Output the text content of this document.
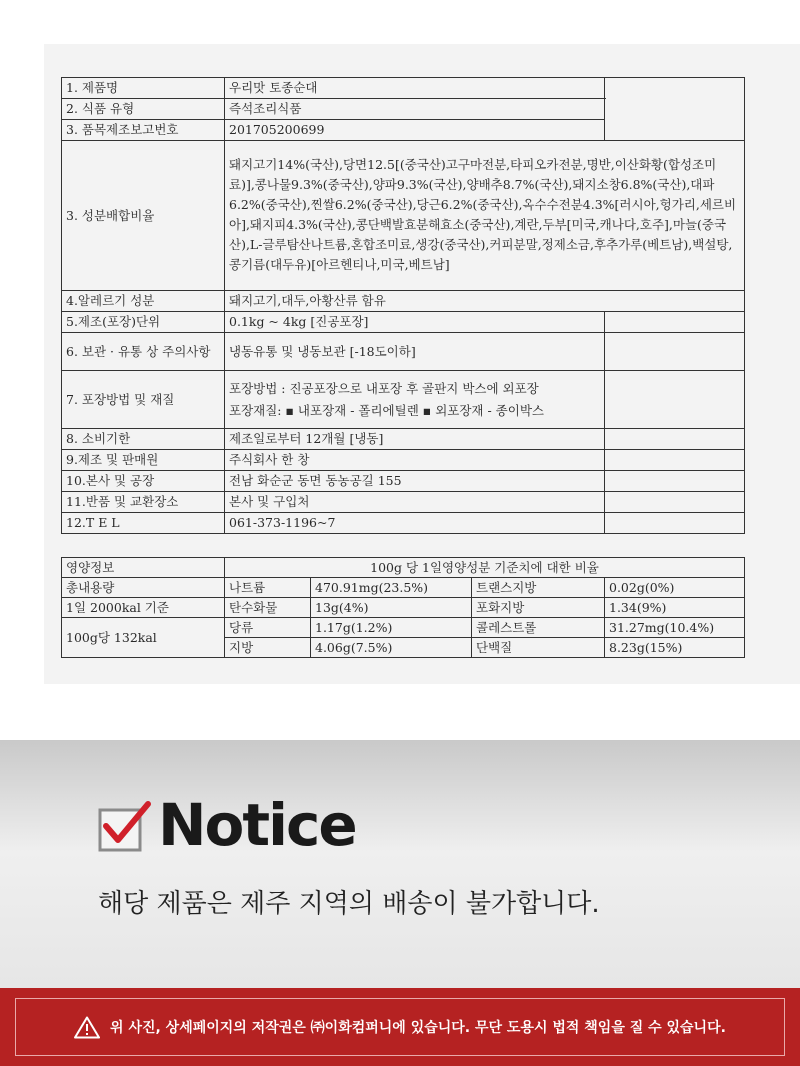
1. 제품명	우리맛 토종순대	
2. 식품 유형	즉석조리식품	
3. 품목제조보고번호	201705200699	
3. 성분배합비율	돼지고기14%(국산),당면12.5[(중국산)고구마전분,타피오카전분,명반,이산화황(합성조미료)],콩나물9.3%(중국산),양파9.3%(국산),양배추8.7%(국산),돼지소창6.8%(국산),대파6.2%(중국산),찐쌀6.2%(중국산),당근6.2%(중국산),옥수수전분4.3%[러시아,헝가리,세르비아],돼지피4.3%(국산),콩단백발효분해효소(중국산),계란,두부[미국,캐나다,호주],마늘(중국산),L-글루탐산나트륨,혼합조미료,생강(중국산),커피분말,정제소금,후추가루(베트남),백설탕,콩기름(대두유)[아르헨티나,미국,베트남]	
4.알레르기 성분	돼지고기,대두,아황산류 함유	
5.제조(포장)단위	0.1kg ~ 4kg [진공포장]	
6. 보관 · 유통 상 주의사항	냉동유통 및 냉동보관 [-18도이하]	
7. 포장방법 및 재질	포장방법 : 진공포장으로 내포장 후 골판지 박스에 외포장
포장재질: ▪ 내포장재 - 폴리에틸렌 ▪ 외포장재 - 종이박스	

8. 소비기한	제조일로부터 12개월 [냉동]	
9.제조 및 판매원	주식회사 한 창	
10.본사 및 공장	전남 화순군 동면 동농공길 155	
11.반품 및 교환장소	본사 및 구입처	
12.T E L	061-373-1196~7	
영양정보	100g 당 1일영양성분 기준치에 대한 비율			
총내용량	나트륨	470.91mg(23.5%)	트랜스지방	0.02g(0%)
1일 2000kal 기준	탄수화물	13g(4%)	포화지방	1.34(9%)
100g당 132kal	당류	1.17g(1.2%)	콜레스트롤	31.27mg(10.4%)
	지방	4.06g(7.5%)	단백질	8.23g(15%)
Notice
해당 제품은 제주 지역의 배송이 불가합니다.
위 사진, 상세페이지의 저작권은 ㈜이화컴퍼니에 있습니다. 무단 도용시 법적 책임을 질 수 있습니다.
